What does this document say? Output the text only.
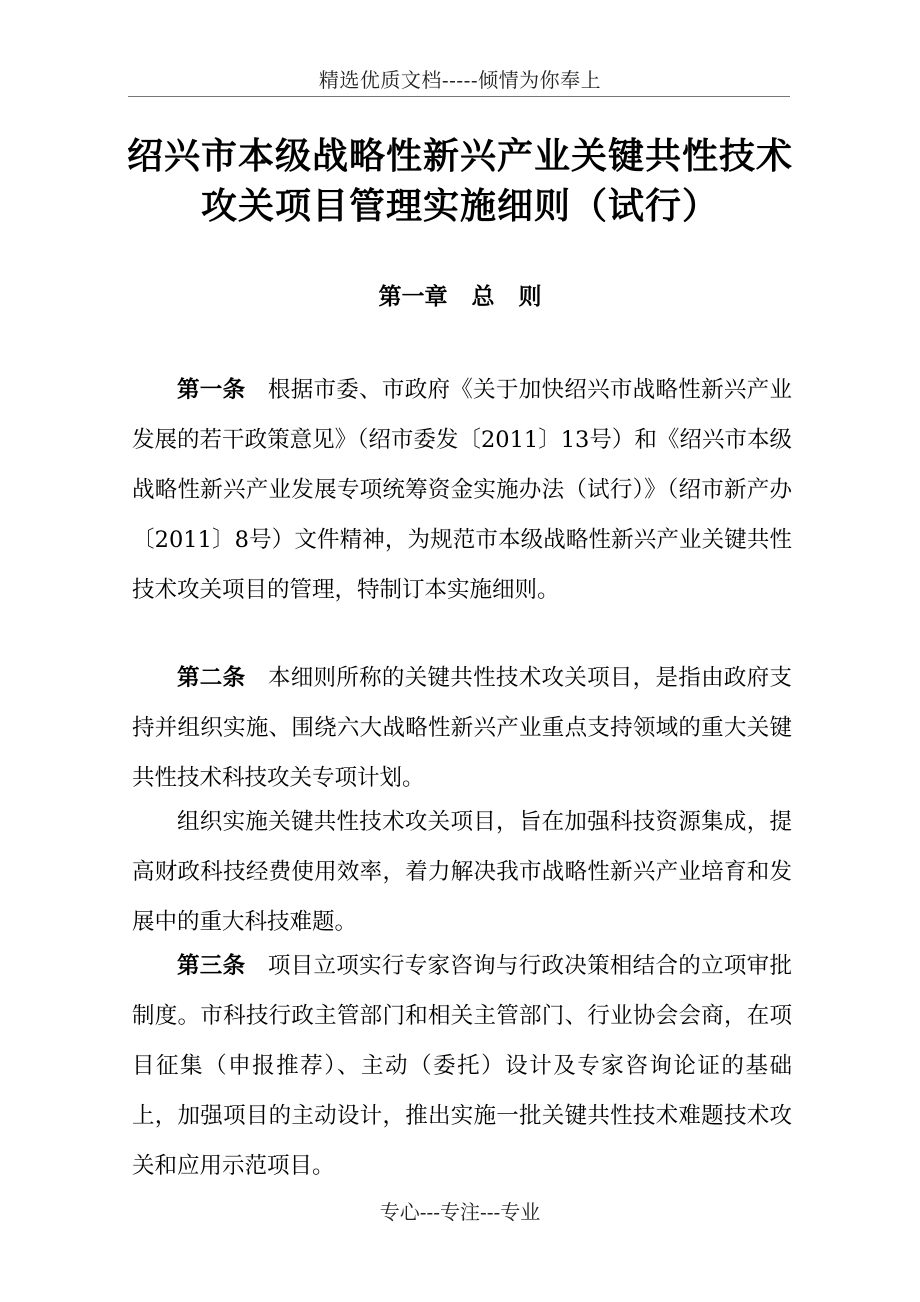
精选优质文档-----倾情为你奉上
绍兴市本级战略性新兴产业关键共性技术
攻关项目管理实施细则（试行）
第一章   总   则

第一条 根据市委、市政府《关于加快绍兴市战略性新兴产业发展的若干政策意见》（绍市委发〔2011〕13号）和《绍兴市本级战略性新兴产业发展专项统筹资金实施办法（试行）》（绍市新产办〔2011〕8号）文件精神，为规范市本级战略性新兴产业关键共性技术攻关项目的管理，特制订本实施细则。

第二条 本细则所称的关键共性技术攻关项目，是指由政府支持并组织实施、围绕六大战略性新兴产业重点支持领域的重大关键共性技术科技攻关专项计划。

组织实施关键共性技术攻关项目，旨在加强科技资源集成，提高财政科技经费使用效率，着力解决我市战略性新兴产业培育和发展中的重大科技难题。

第三条 项目立项实行专家咨询与行政决策相结合的立项审批制度。市科技行政主管部门和相关主管部门、行业协会会商，在项目征集（申报推荐）、主动（委托）设计及专家咨询论证的基础上，加强项目的主动设计，推出实施一批关键共性技术难题技术攻关和应用示范项目。

专心---专注---专业
